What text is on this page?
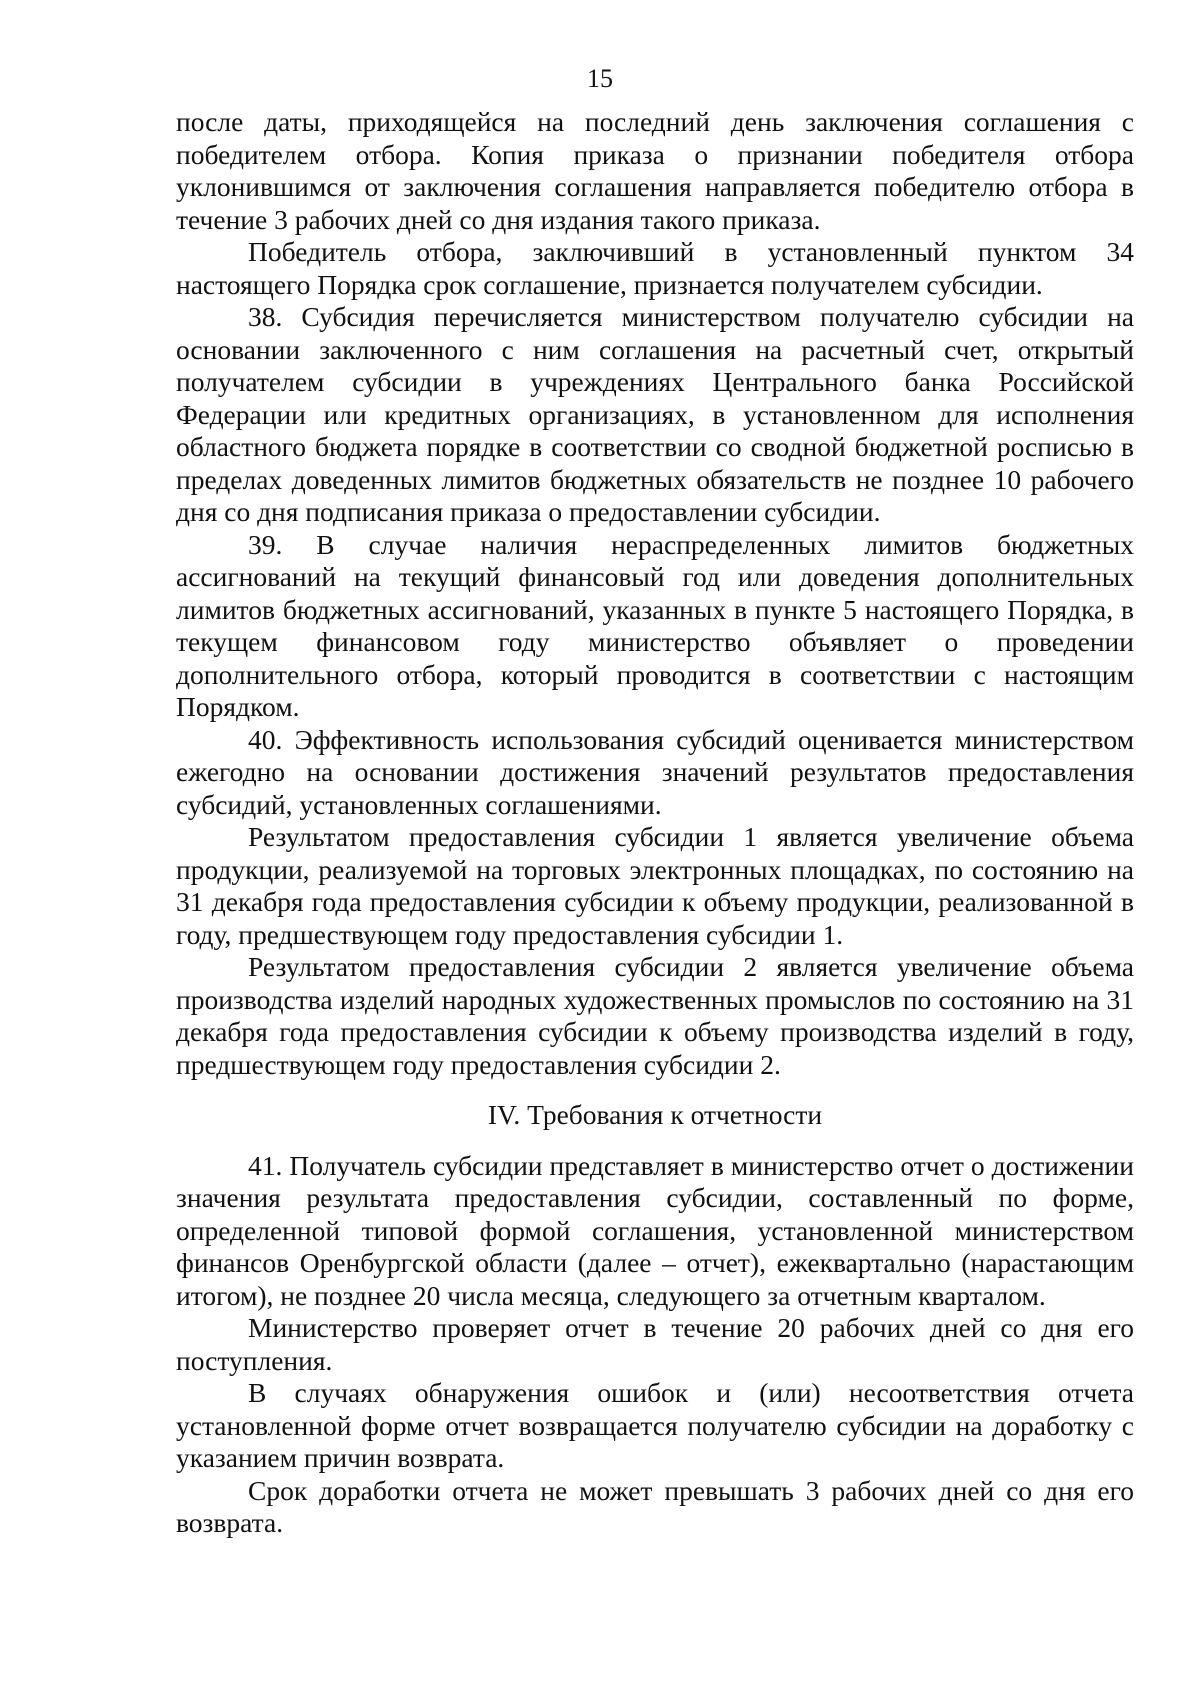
15

после даты, приходящейся на последний день заключения соглашения с победителем отбора. Копия приказа о признании победителя отбора уклонившимся от заключения соглашения направляется победителю отбора в течение 3 рабочих дней со дня издания такого приказа.

Победитель отбора, заключивший в установленный пунктом 34 настоящего Порядка срок соглашение, признается получателем субсидии.

38. Субсидия перечисляется министерством получателю субсидии на основании заключенного с ним соглашения на расчетный счет, открытый получателем субсидии в учреждениях Центрального банка Российской Федерации или кредитных организациях, в установленном для исполнения областного бюджета порядке в соответствии со сводной бюджетной росписью в пределах доведенных лимитов бюджетных обязательств не позднее 10 рабочего дня со дня подписания приказа о предоставлении субсидии.

39. В случае наличия нераспределенных лимитов бюджетных ассигнований на текущий финансовый год или доведения дополнительных лимитов бюджетных ассигнований, указанных в пункте 5 настоящего Порядка, в текущем финансовом году министерство объявляет о проведении дополнительного отбора, который проводится в соответствии с настоящим Порядком.

40. Эффективность использования субсидий оценивается министерством ежегодно на основании достижения значений результатов предоставления субсидий, установленных соглашениями.

Результатом предоставления субсидии 1 является увеличение объема продукции, реализуемой на торговых электронных площадках, по состоянию на 31 декабря года предоставления субсидии к объему продукции, реализованной в году, предшествующем году предоставления субсидии 1.

Результатом предоставления субсидии 2 является увеличение объема производства изделий народных художественных промыслов по состоянию на 31 декабря года предоставления субсидии к объему производства изделий в году, предшествующем году предоставления субсидии 2.

IV. Требования к отчетности

41. Получатель субсидии представляет в министерство отчет о достижении значения результата предоставления субсидии, составленный по форме, определенной типовой формой соглашения, установленной министерством финансов Оренбургской области (далее – отчет), ежеквартально (нарастающим итогом), не позднее 20 числа месяца, следующего за отчетным кварталом.

Министерство проверяет отчет в течение 20 рабочих дней со дня его поступления.

В случаях обнаружения ошибок и (или) несоответствия отчета установленной форме отчет возвращается получателю субсидии на доработку с указанием причин возврата.

Срок доработки отчета не может превышать 3 рабочих дней со дня его возврата.
